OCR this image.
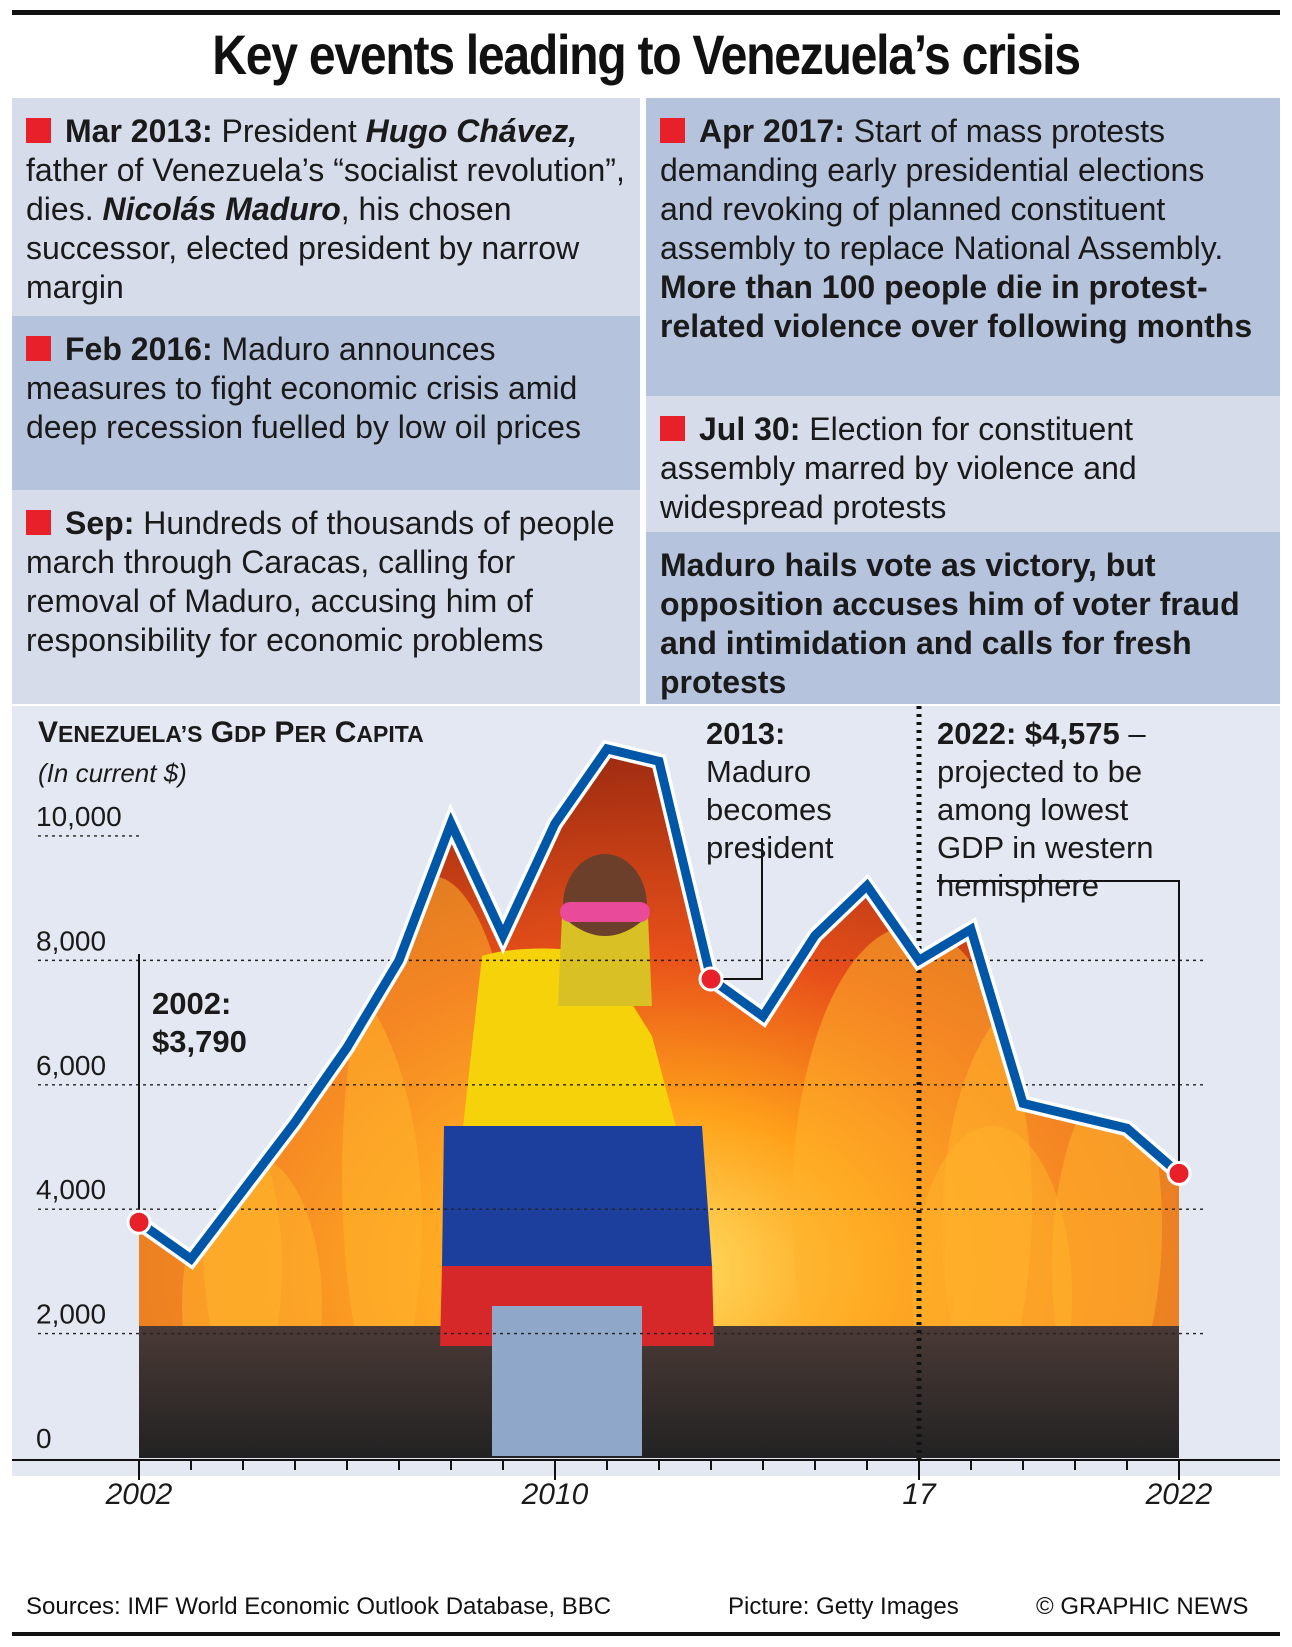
Key events leading to Venezuela’s crisis
Mar 2013: President Hugo Chávez, father of Venezuela’s “socialist revolution”, dies. Nicolás Maduro, his chosen successor, elected president by narrow margin
Feb 2016: Maduro announces measures to fight economic crisis amid deep recession fuelled by low oil prices
Sep: Hundreds of thousands of people march through Caracas, calling for removal of Maduro, accusing him of responsibility for economic problems
Apr 2017: Start of mass protests demanding early presidential elections and revoking of planned constituent assembly to replace National Assembly. More than 100 people die in protest-related violence over following months
Jul 30: Election for constituent assembly marred by violence and widespread protests
Maduro hails vote as victory, but opposition accuses him of voter fraud and intimidation and calls for fresh protests
0
2,000
4,000
6,000
8,000
10,000
2002	2010	17	2022
2002:
$3,790
2013:
Maduro
becomes
president
2022: $4,575 –
projected to be
among lowest
GDP in western
hemisphere
VENEZUELA’S GDP PER CAPITA
(In current $)
Sources: IMF World Economic Outlook Database, BBC	Picture: Getty Images	© GRAPHIC NEWS
